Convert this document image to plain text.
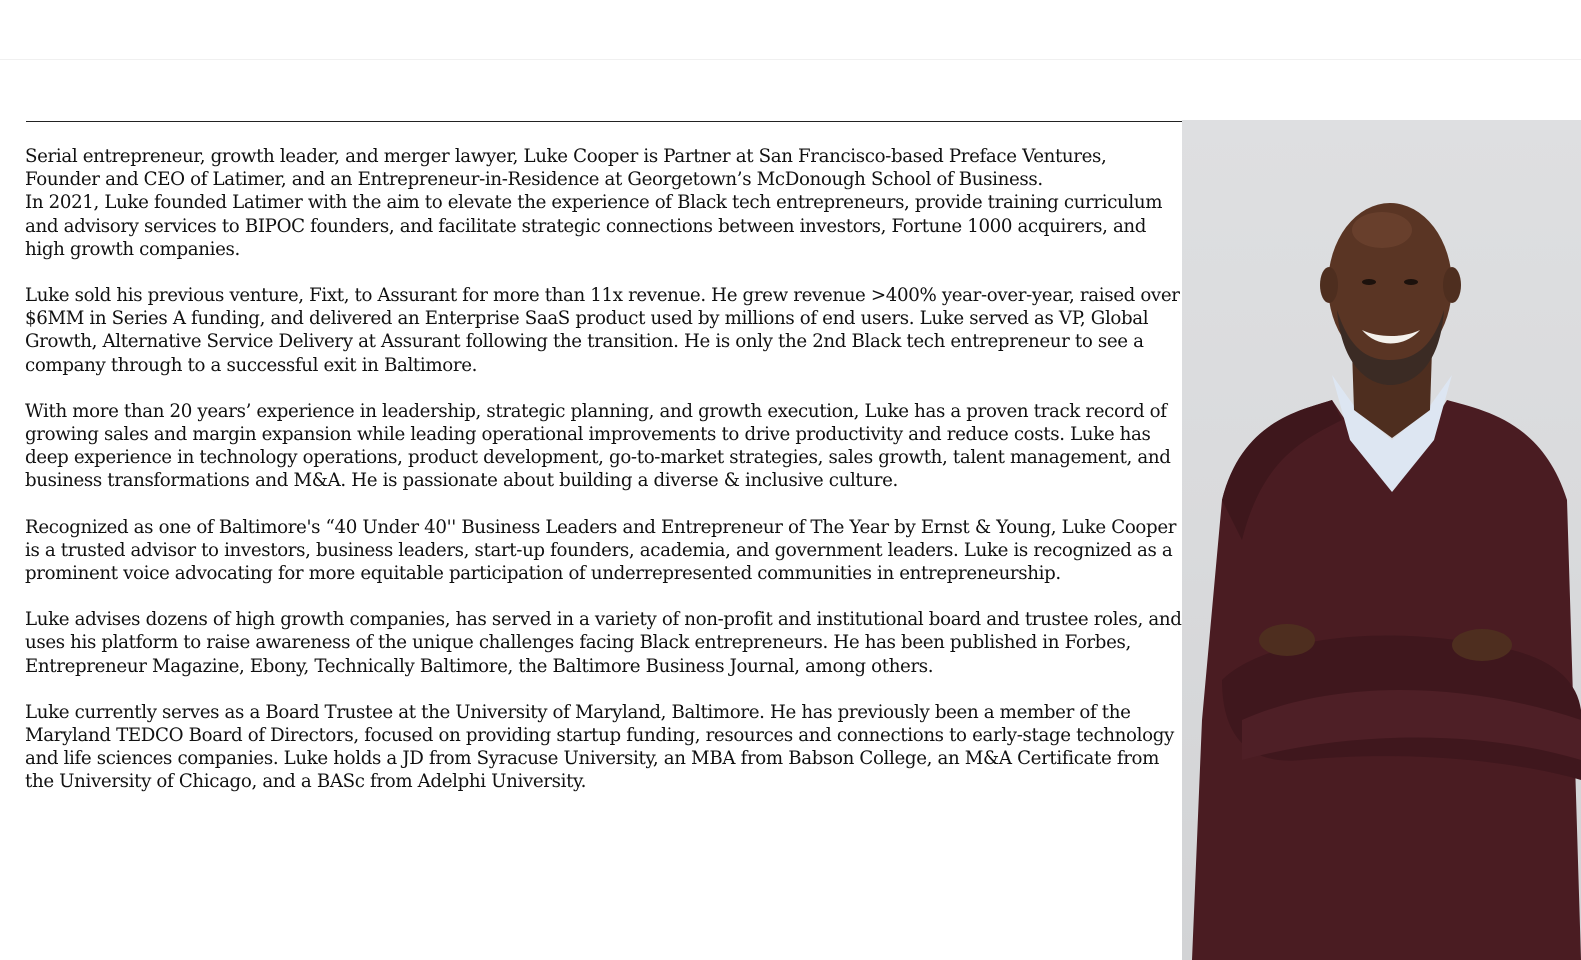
Serial entrepreneur, growth leader, and merger lawyer, Luke Cooper is Partner at San Francisco-based Preface Ventures, Founder and CEO of Latimer, and an Entrepreneur-in-Residence at Georgetown’s McDonough School of Business.

In 2021, Luke founded Latimer with the aim to elevate the experience of Black tech entrepreneurs, provide training curriculum and advisory services to BIPOC founders, and facilitate strategic connections between investors, Fortune 1000 acquirers, and high growth companies.

Luke sold his previous venture, Fixt, to Assurant for more than 11x revenue. He grew revenue >400% year-over-year, raised over $6MM in Series A funding, and delivered an Enterprise SaaS product used by millions of end users. Luke served as VP, Global Growth, Alternative Service Delivery at Assurant following the transition. He is only the 2nd Black tech entrepreneur to see a company through to a successful exit in Baltimore.

With more than 20 years’ experience in leadership, strategic planning, and growth execution, Luke has a proven track record of growing sales and margin expansion while leading operational improvements to drive productivity and reduce costs. Luke has deep experience in technology operations, product development, go-to-market strategies, sales growth, talent management, and business transformations and M&A. He is passionate about building a diverse & inclusive culture.

Recognized as one of Baltimore's “40 Under 40'' Business Leaders and Entrepreneur of The Year by Ernst & Young, Luke Cooper is a trusted advisor to investors, business leaders, start-up founders, academia, and government leaders. Luke is recognized as a prominent voice advocating for more equitable participation of underrepresented communities in entrepreneurship.

Luke advises dozens of high growth companies, has served in a variety of non-profit and institutional board and trustee roles, and uses his platform to raise awareness of the unique challenges facing Black entrepreneurs. He has been published in Forbes, Entrepreneur Magazine, Ebony, Technically Baltimore, the Baltimore Business Journal, among others.

Luke currently serves as a Board Trustee at the University of Maryland, Baltimore. He has previously been a member of the Maryland TEDCO Board of Directors, focused on providing startup funding, resources and connections to early-stage technology and life sciences companies. Luke holds a JD from Syracuse University, an MBA from Babson College, an M&A Certificate from the University of Chicago, and a BASc from Adelphi University.
